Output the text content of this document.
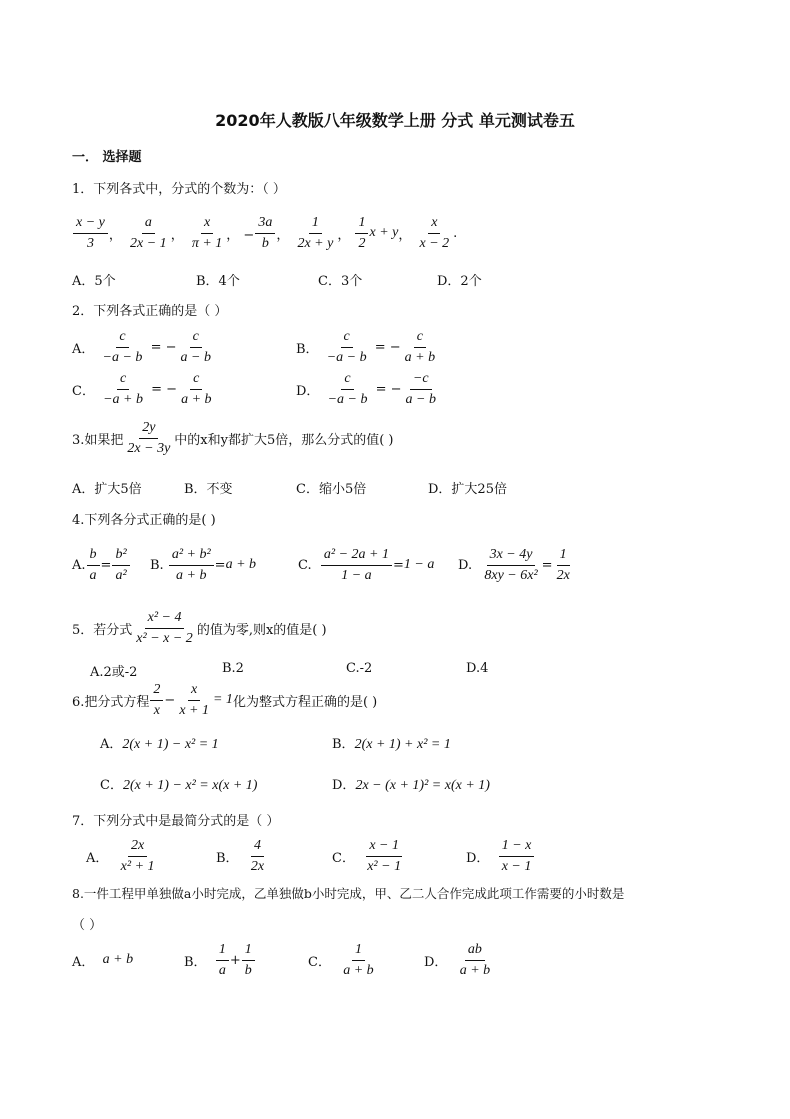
2020年人教版八年级数学上册 分式 单元测试卷五
一． 选择题
1．下列各式中，分式的个数为：（ ）
x − y
3
，
a
2x − 1
，
x
π + 1
， −
3a
b
，
1
2x + y
，
1
2
x + y ，
x
x − 2
.
A．5个	B．4个	C．3个	D．2个
2．下列各式正确的是（ ）
A．

c
−a − b
= −
c
a − b
B．

c
−a − b
= −
c
a + b
C．

c
−a + b
= −
c
a + b
D．

c
−a − b
= −
−c
a − b
3.如果把
2y
2x − 3y
中的x和y都扩大5倍，那么分式的值( )
A．扩大5倍	B．不变	C．缩小5倍	D．扩大25倍
4.下列各分式正确的是( )
A.
b
a
=
b²
a²
B.

a² + b²
a + b
= a + b	C.

a² − 2a + 1
1 − a
= 1 − a D.

3x − 4y
8xy − 6x²
=
1
2x
5．若分式
x² − 4
x² − x − 2
的值为零,则x的值是( )
A.2或-2	B.2	C.-2	D.4
6.把分式方程
2
x
− $\frac{x}{x + 1} = 1$ 化为整式方程正确的是( )
A．2(x + 1) − x² = 1	B．2(x + 1) + x² = 1
C．2(x + 1) − x² = x(x + 1)	D．2x − (x + 1)² = x(x + 1)
7．下列分式中是最简分式的是（ ）
A．

2x
x² + 1
B．

4
2x
C．

x − 1
x² − 1
D．

1 − x
x − 1
8.一件工程甲单独做a小时完成，乙单独做b小时完成，甲、乙二人合作完成此项工作需要的小时数是
（ ）
A．
a + b	B．

1
a
+
1
b
C．

1
a + b
D．

ab
a + b
